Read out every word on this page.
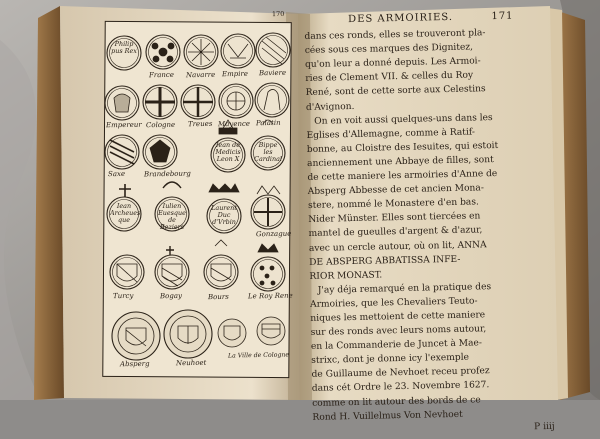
Philip pus Rex
170
France Navarre Empire Baviere
Empereur Cologne Treues Mayence Palatin
Iean de Medicis Leon X
Bippe les Cardinal
Saxe	Brandebourg
Iean Archeues que
Iulien Euesque de Beziers
Laurent Duc d'Vrbin
Gonzague
Turcy	Bogay	Bours	Le Roy Rene
Absperg	Neuhoet
La Ville de Cologne
DES ARMOIRIES.	171
dans ces ronds, elles se trouveront pla-
cées sous ces marques des Dignitez,
qu'on leur a donné depuis. Les Armoi-
ries de Clement VII. & celles du Roy
René, sont de cette sorte aux Celestins
d'Avignon.
On en voit aussi quelques-uns dans les
Eglises d'Allemagne, comme à Ratif-
bonne, au Cloistre des Iesuites, qui estoit
anciennement une Abbaye de filles, sont
de cette maniere les armoiries d'Anne de
Absperg Abbesse de cet ancien Mona-
stere, nommé le Monastere d'en bas.
Nider Münster. Elles sont tiercées en
mantel de gueulles d'argent & d'azur,
avec un cercle autour, où on lit, ANNA
DE ABSPERG ABBATISSA INFE-
RIOR MONAST.
J'ay déja remarqué en la pratique des
Armoiries, que les Chevaliers Teuto-
niques les mettoient de cette maniere
sur des ronds avec leurs noms autour,
en la Commanderie de Juncet à Mae-
strixc, dont je donne icy l'exemple
de Guillaume de Nevhoet receu profez
dans cét Ordre le 23. Novembre 1627.
comme on lit autour des bords de ce
Rond H. Vuillelmus Von Nevhoet
P iiij
